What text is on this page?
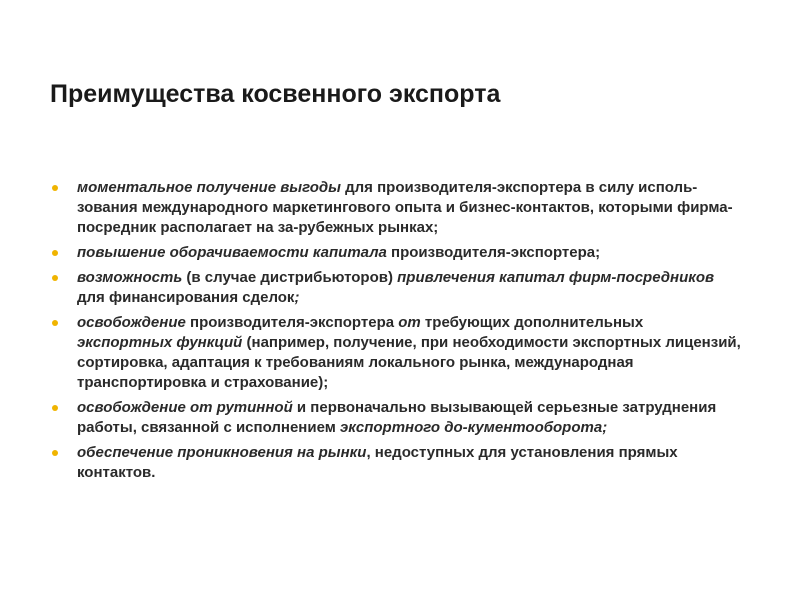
Преимущества косвенного экспорта
моментальное получение выгоды для производителя-экспортера в силу исполь-зования международного маркетингового опыта и бизнес-контактов, которыми фирма-посредник располагает на за-рубежных рынках;
повышение оборачиваемости капитала производителя-экспортера;
возможность (в случае дистрибьюторов) привлечения капитал фирм-посредников для финансирования сделок;
освобождение производителя-экспортера от требующих дополнительных экспортных функций (например, получение, при необходимости экспортных лицензий, сортировка, адаптация к требованиям локального рынка, международная транспортировка и страхование);
освобождение от рутинной и первоначально вызывающей серьезные затруднения работы, связанной с исполнением экспортного до-кументооборота;
обеспечение проникновения на рынки, недоступных для установления прямых контактов.
